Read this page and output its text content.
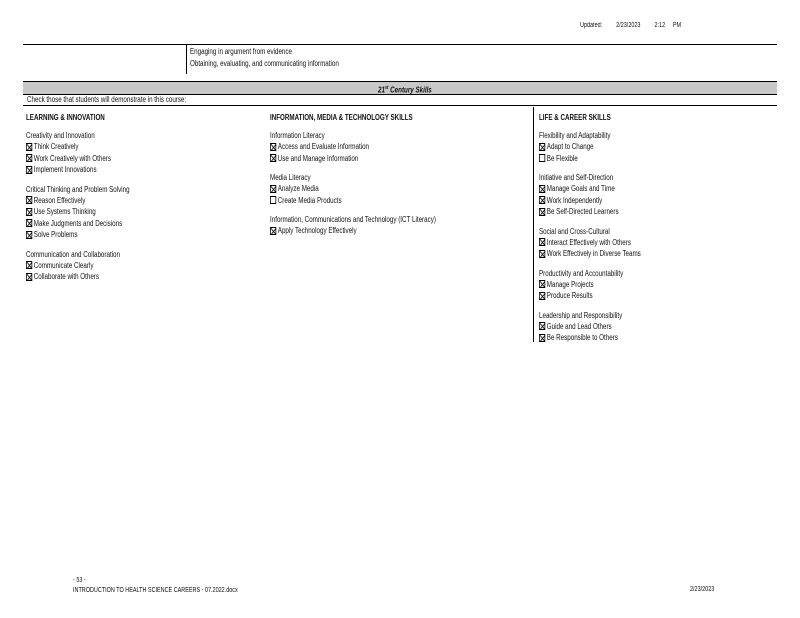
Updated: 2/23/2023 2:12 PM
Engaging in argument from evidence
Obtaining, evaluating, and communicating information
21st Century Skills
Check those that students will demonstrate in this course:
LEARNING & INNOVATION
Creativity and Innovation
Think Creatively
Work Creatively with Others
Implement Innovations
Critical Thinking and Problem Solving
Reason Effectively
Use Systems Thinking
Make Judgments and Decisions
Solve Problems
Communication and Collaboration
Communicate Clearly
Collaborate with Others
INFORMATION, MEDIA & TECHNOLOGY SKILLS
Information Literacy
Access and Evaluate Information
Use and Manage Information
Media Literacy
Analyze Media
Create Media Products
Information, Communications and Technology (ICT Literacy)
Apply Technology Effectively
LIFE & CAREER SKILLS
Flexibility and Adaptability
Adapt to Change
Be Flexible
Initiative and Self-Direction
Manage Goals and Time
Work Independently
Be Self-Directed Learners
Social and Cross-Cultural
Interact Effectively with Others
Work Effectively in Diverse Teams
Productivity and Accountability
Manage Projects
Produce Results
Leadership and Responsibility
Guide and Lead Others
Be Responsible to Others
- 53 -
INTRODUCTION TO HEALTH SCIENCE CAREERS - 07.2022.docx	2/23/2023
